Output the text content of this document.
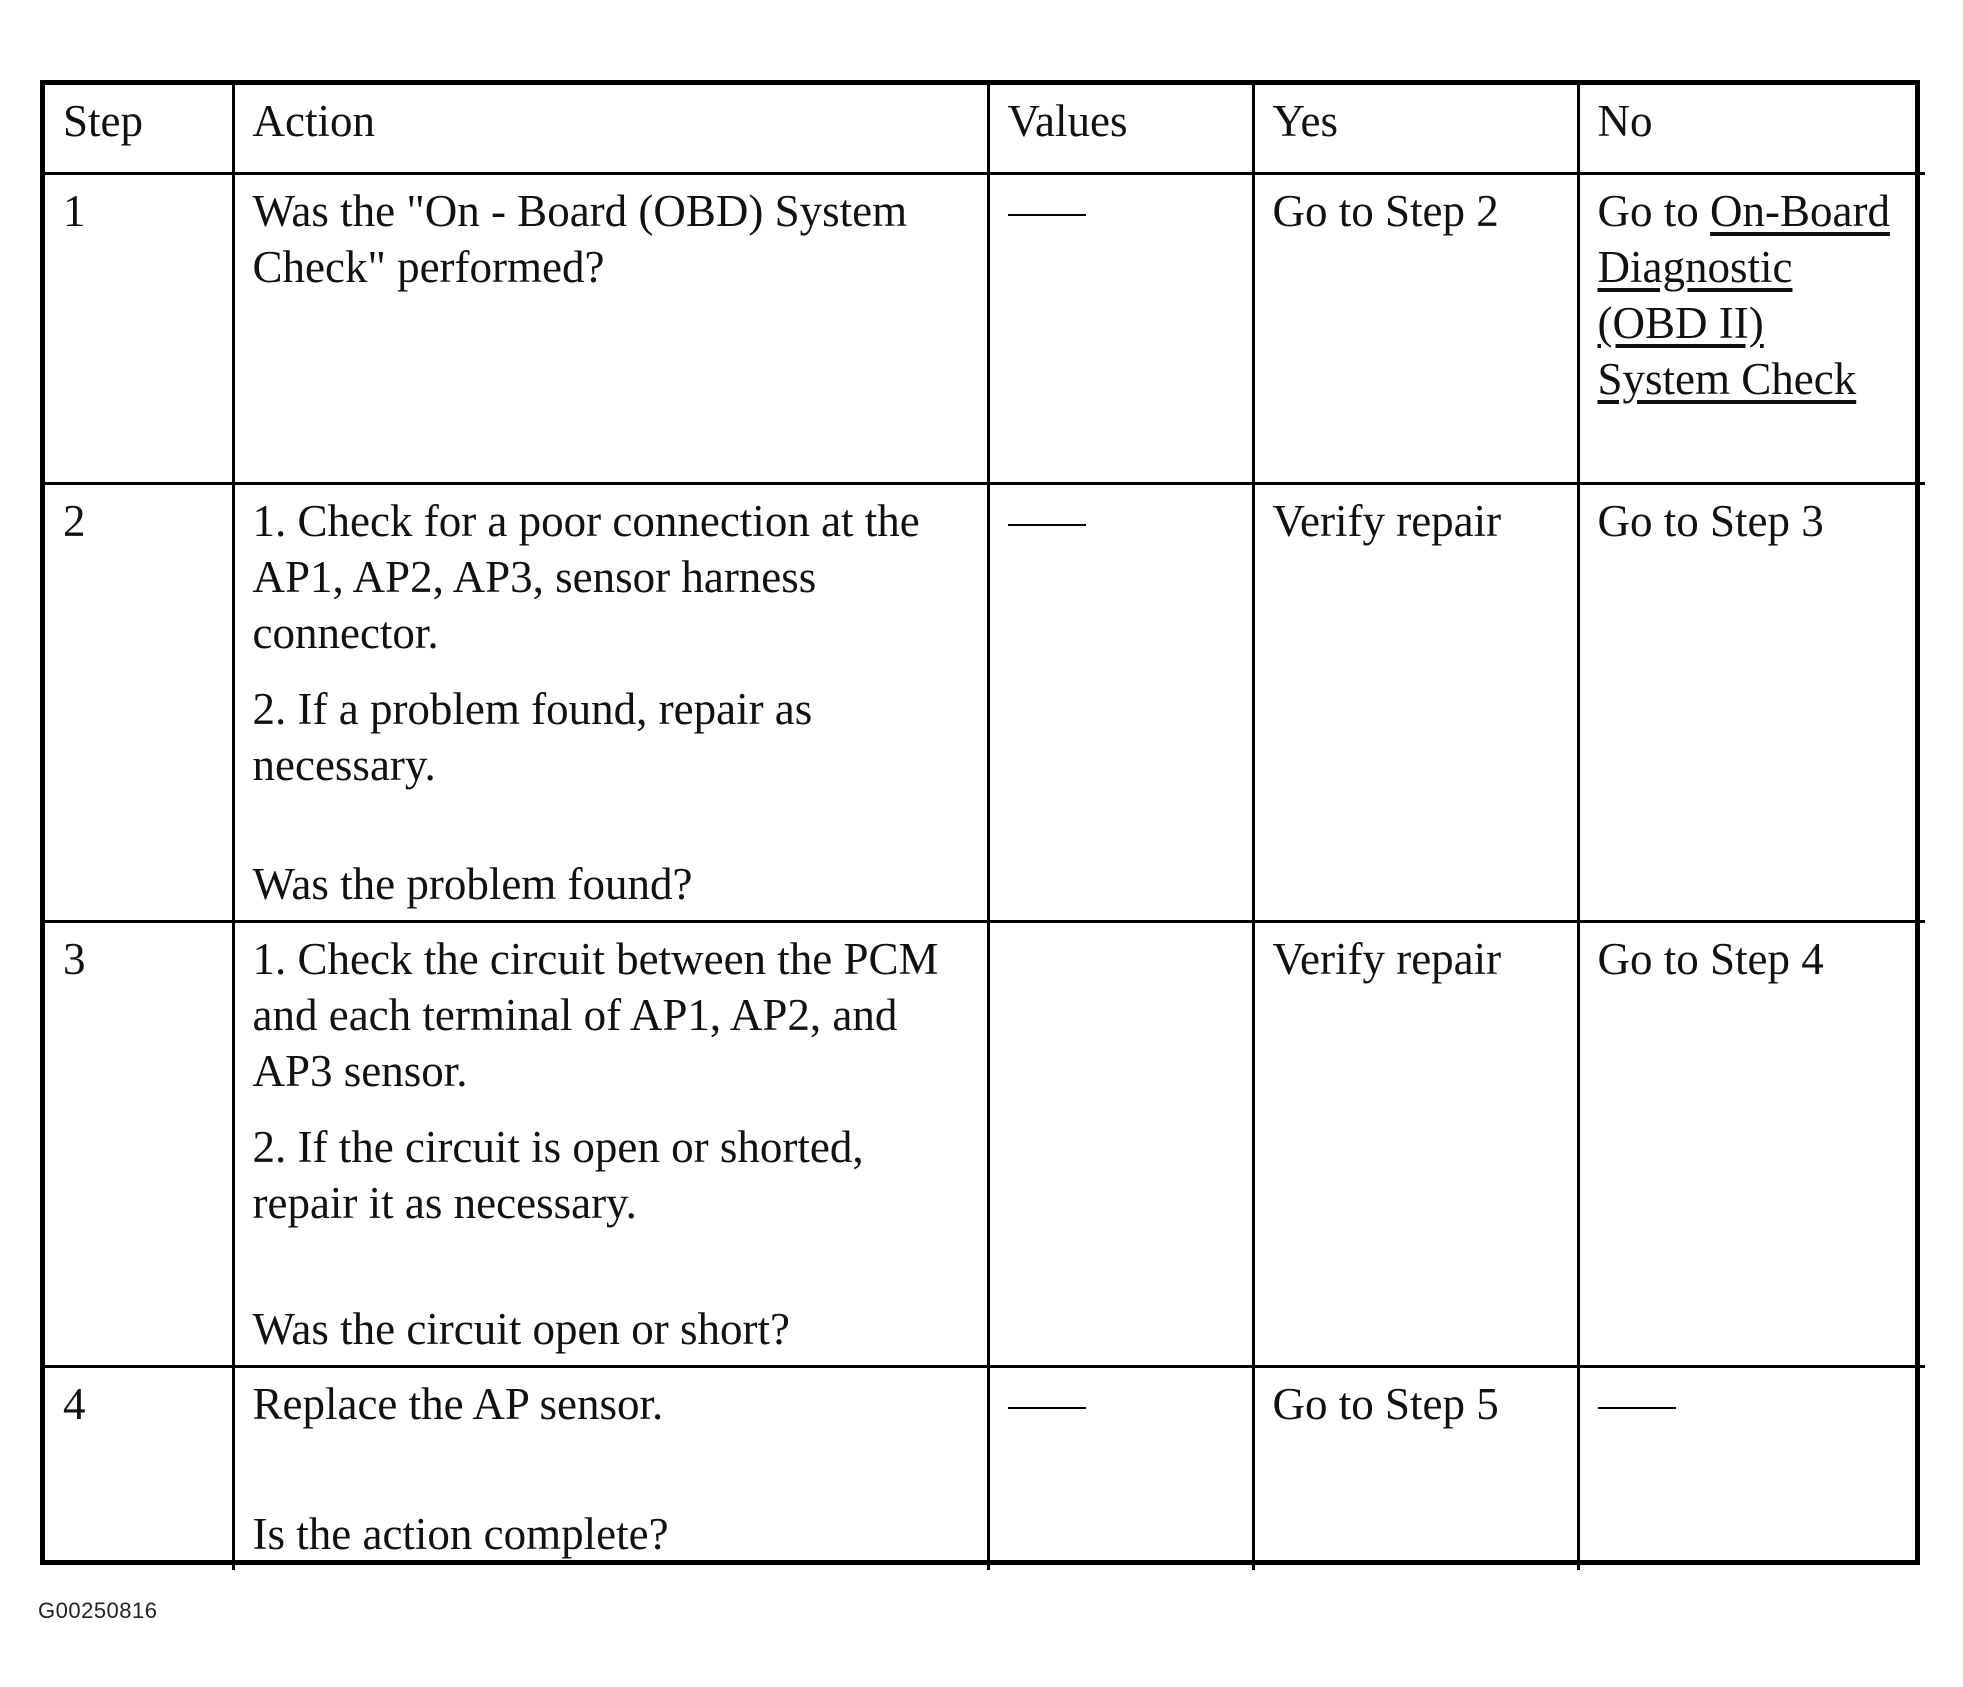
Step	Action	Values	Yes	No
1	Was the "On - Board (OBD) System Check" performed?		Go to Step 2	Go to On-Board Diagnostic (OBD II) System Check
2	1. Check for a poor connection at the AP1, AP2, AP3, sensor harness connector.
2. If a problem found, repair as necessary.
Was the problem found?		Verify repair	Go to Step 3
3	1. Check the circuit between the PCM and each terminal of AP1, AP2, and AP3 sensor.
2. If the circuit is open or shorted, repair it as necessary.
Was the circuit open or short?		Verify repair	Go to Step 4
4	Replace the AP sensor.
Is the action complete?		Go to Step 5	
G00250816
